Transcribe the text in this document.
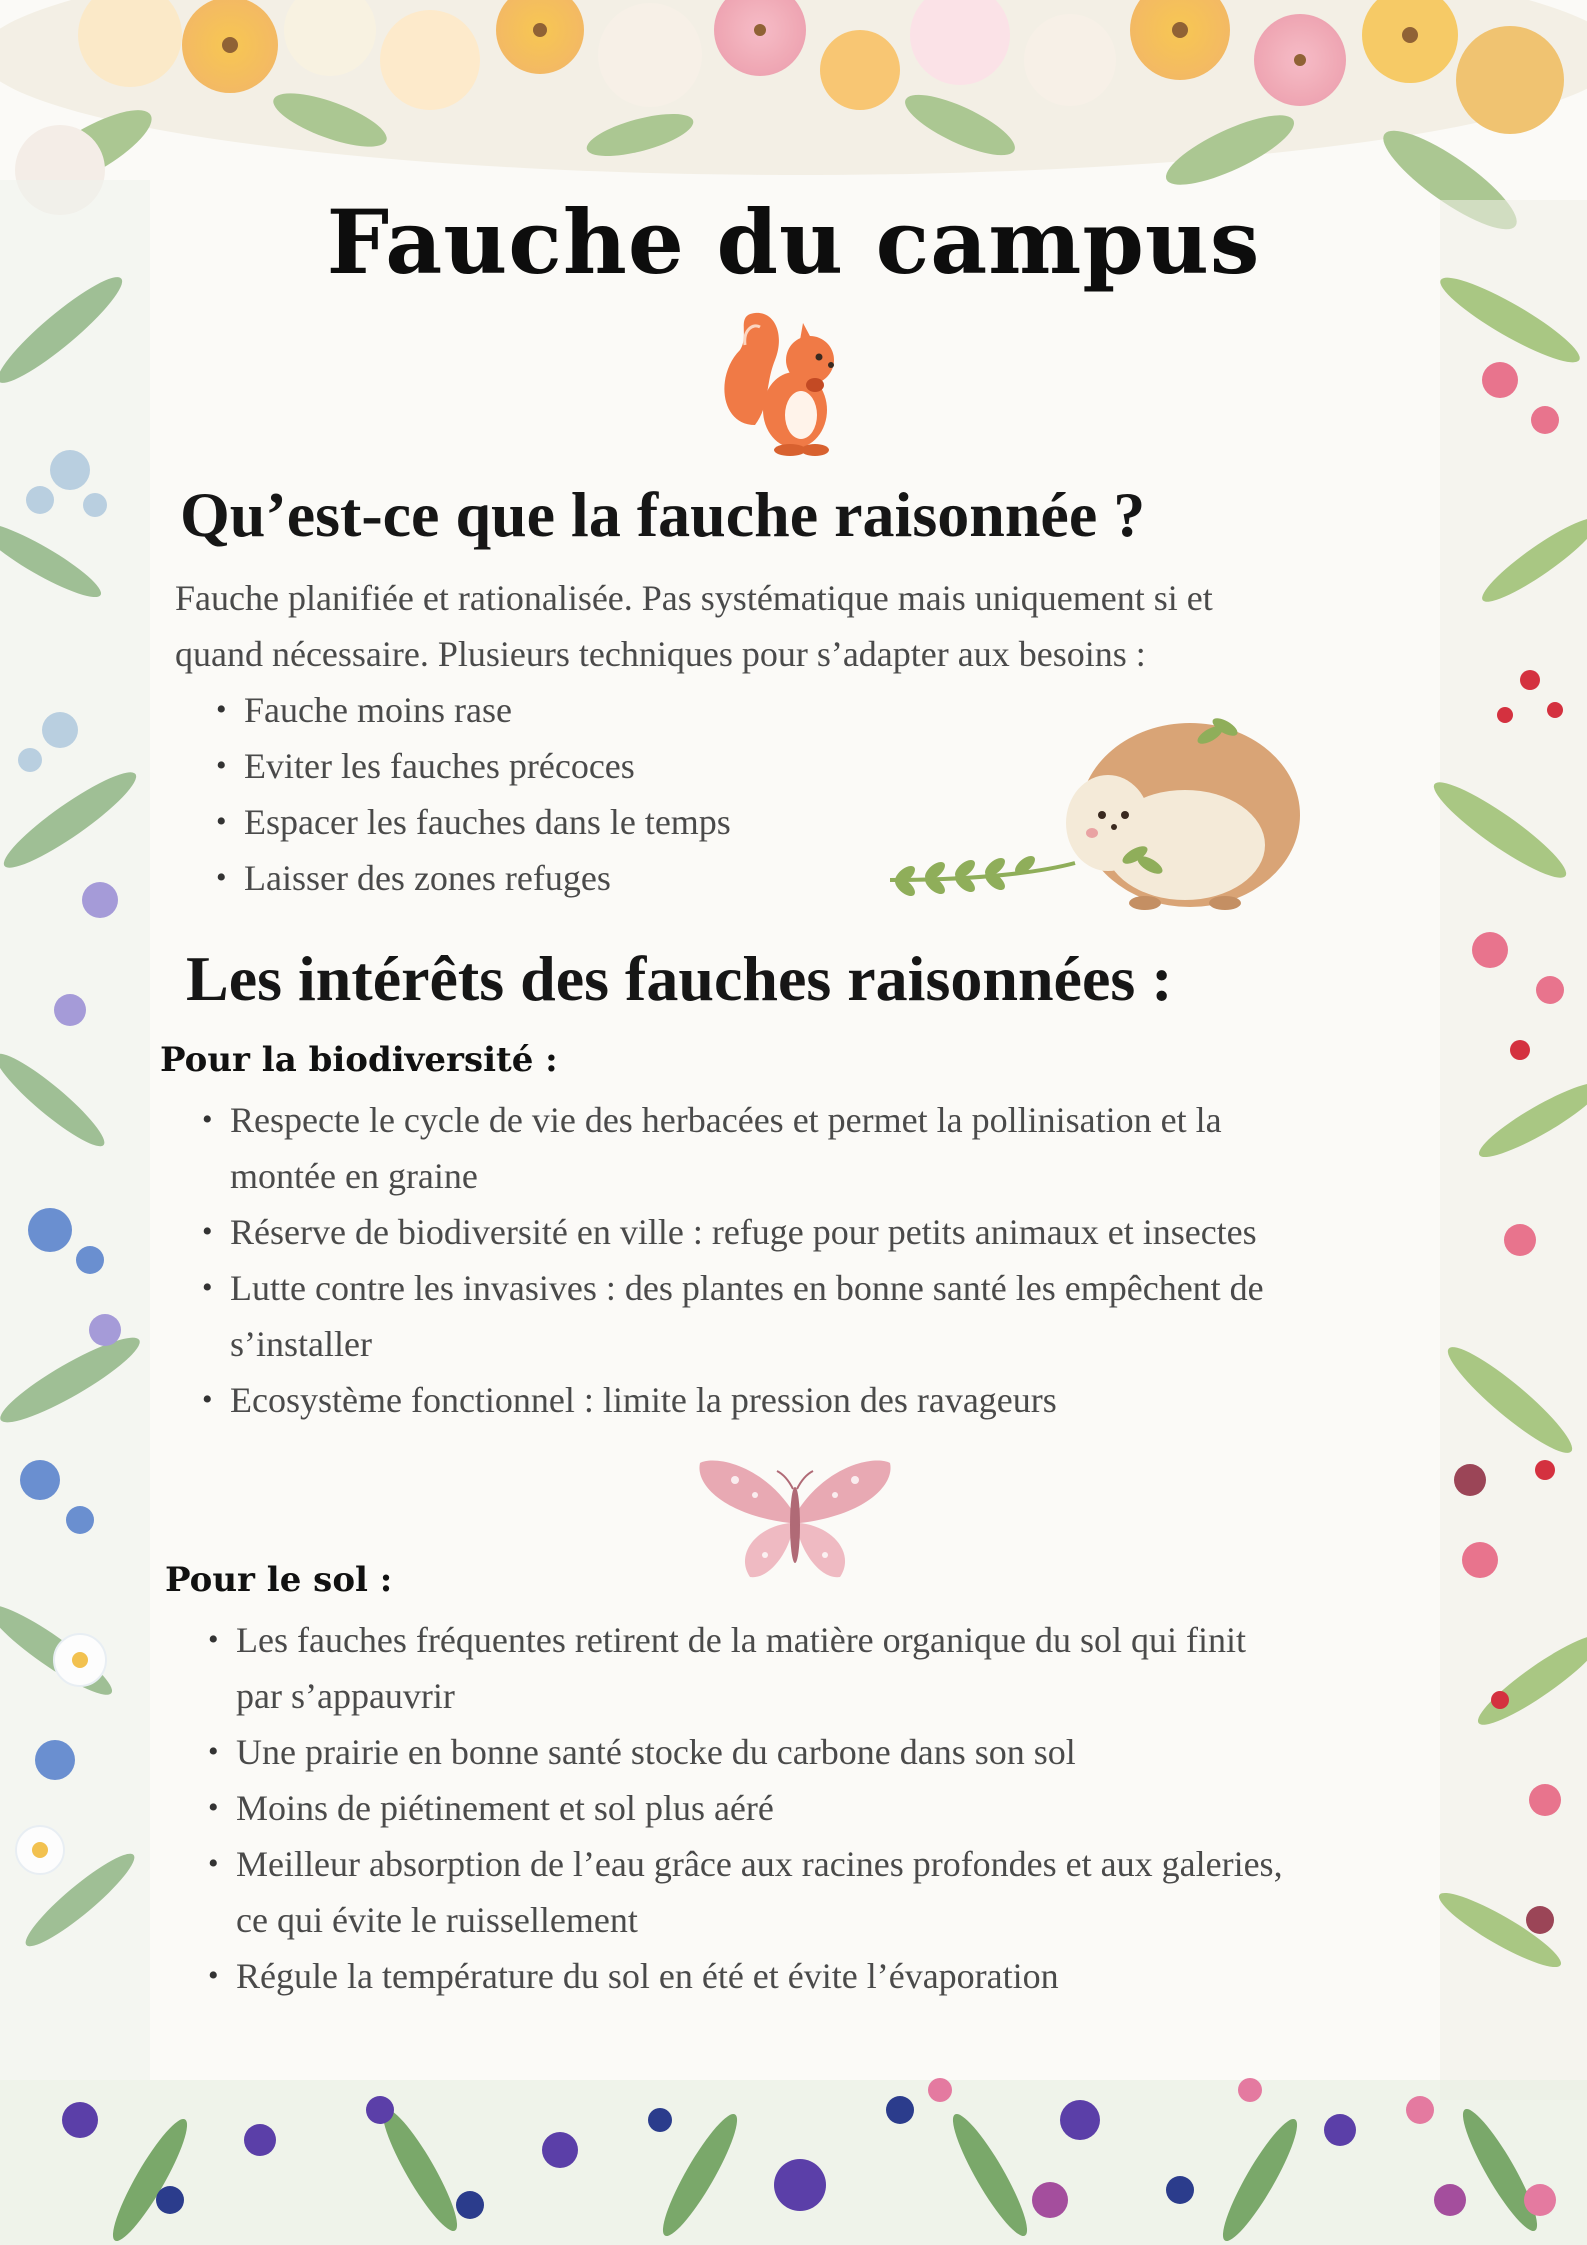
Fauche du campus
Qu’est-ce que la fauche raisonnée ?

Fauche planifiée et rationalisée. Pas systématique mais uniquement si et

quand nécessaire. Plusieurs techniques pour s’adapter aux besoins :

• Fauche moins rase
• Eviter les fauches précoces
• Espacer les fauches dans le temps
• Laisser des zones refuges
Les intérêts des fauches raisonnées :
Pour la biodiversité :
• Respecte le cycle de vie des herbacées et permet la pollinisation et la
montée en graine
• Réserve de biodiversité en ville : refuge pour petits animaux et insectes
• Lutte contre les invasives : des plantes en bonne santé les empêchent de
s’installer
• Ecosystème fonctionnel : limite la pression des ravageurs
Pour le sol :
• Les fauches fréquentes retirent de la matière organique du sol qui finit
par s’appauvrir
• Une prairie en bonne santé stocke du carbone dans son sol
• Moins de piétinement et sol plus aéré
• Meilleur absorption de l’eau grâce aux racines profondes et aux galeries,
ce qui évite le ruissellement
• Régule la température du sol en été et évite l’évaporation
